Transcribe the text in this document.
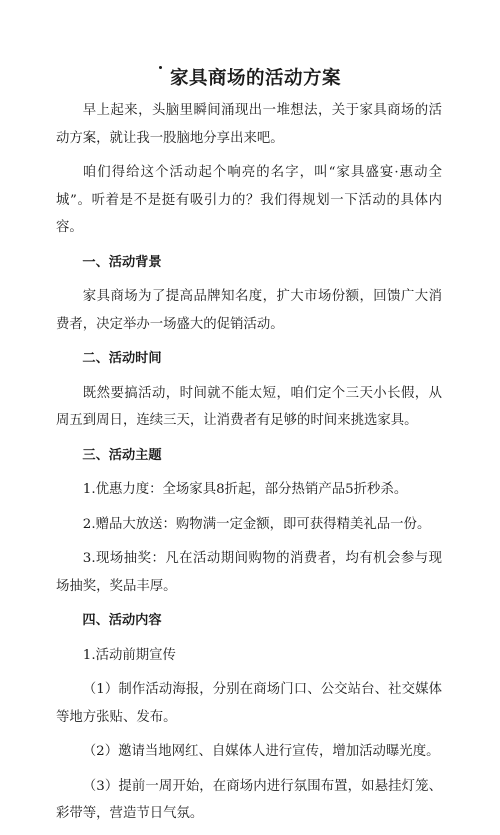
家具商场的活动方案

早上起来，头脑里瞬间涌现出一堆想法，关于家具商场的活动方案，就让我一股脑地分享出来吧。

咱们得给这个活动起个响亮的名字，叫“家具盛宴·惠动全城”。听着是不是挺有吸引力的？我们得规划一下活动的具体内容。

一、活动背景

家具商场为了提高品牌知名度，扩大市场份额，回馈广大消费者，决定举办一场盛大的促销活动。

二、活动时间

既然要搞活动，时间就不能太短，咱们定个三天小长假，从周五到周日，连续三天，让消费者有足够的时间来挑选家具。

三、活动主题

1.优惠力度：全场家具8折起，部分热销产品5折秒杀。

2.赠品大放送：购物满一定金额，即可获得精美礼品一份。

3.现场抽奖：凡在活动期间购物的消费者，均有机会参与现场抽奖，奖品丰厚。

四、活动内容

1.活动前期宣传

（1）制作活动海报，分别在商场门口、公交站台、社交媒体等地方张贴、发布。

（2）邀请当地网红、自媒体人进行宣传，增加活动曝光度。

（3）提前一周开始，在商场内进行氛围布置，如悬挂灯笼、彩带等，营造节日气氛。
